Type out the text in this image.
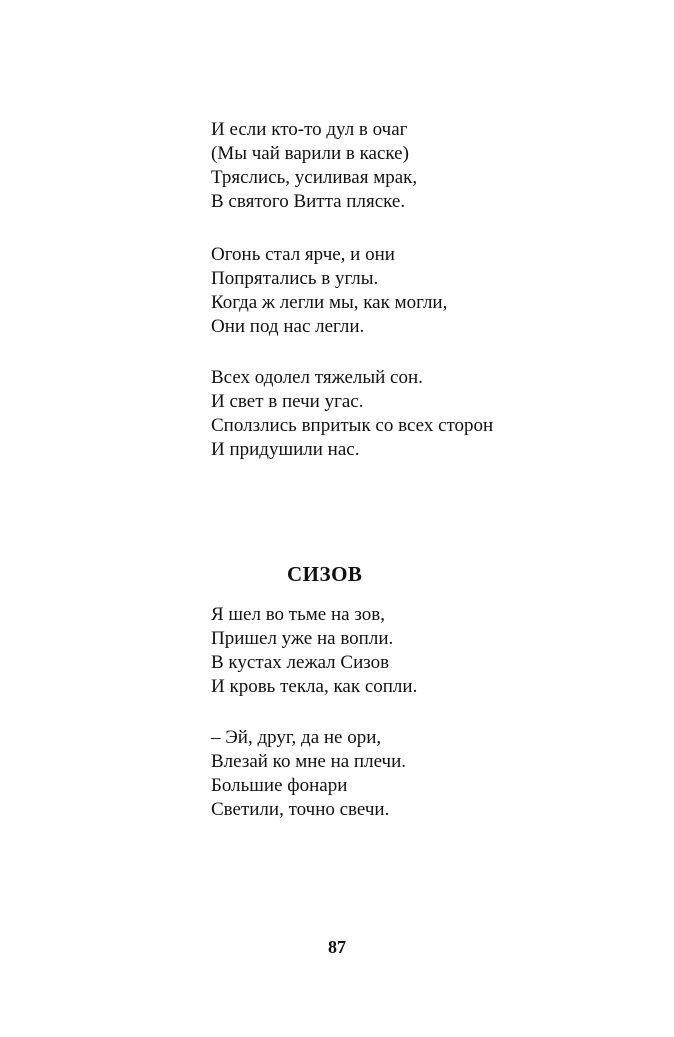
И если кто-то дул в очаг
(Мы чай варили в каске)
Тряслись, усиливая мрак,
В святого Витта пляске.
Огонь стал ярче, и они
Попрятались в углы.
Когда ж легли мы, как могли,
Они под нас легли.
Всех одолел тяжелый сон.
И свет в печи угас.
Сползлись впритык со всех сторон
И придушили нас.
СИЗОВ
Я шел во тьме на зов,
Пришел уже на вопли.
В кустах лежал Сизов
И кровь текла, как сопли.
– Эй, друг, да не ори,
Влезай ко мне на плечи.
Большие фонари
Светили, точно свечи.
87
